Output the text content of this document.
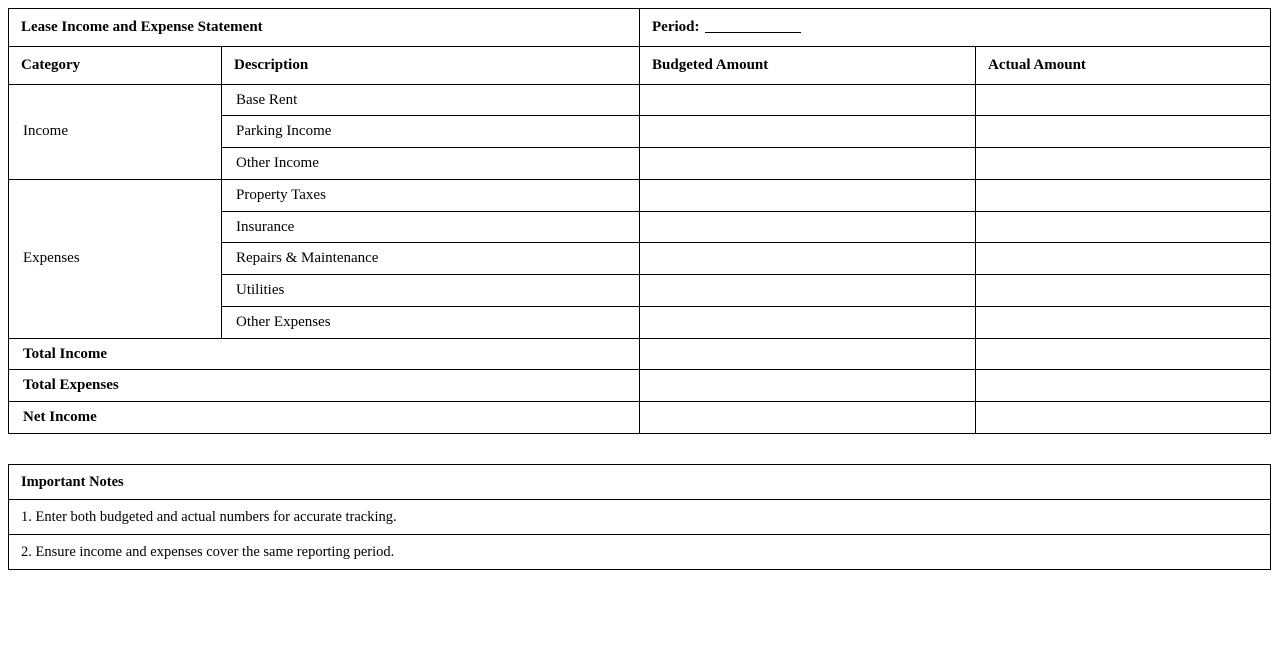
Lease Income and Expense Statement		Period:	
Category	Description	Budgeted Amount	Actual Amount
Income	Base Rent		
	Parking Income		
	Other Income		
Expenses	Property Taxes		
	Insurance		
	Repairs & Maintenance		
	Utilities		
	Other Expenses		
Total Income			
Total Expenses			
Net Income			
Important Notes
1. Enter both budgeted and actual numbers for accurate tracking.
2. Ensure income and expenses cover the same reporting period.
